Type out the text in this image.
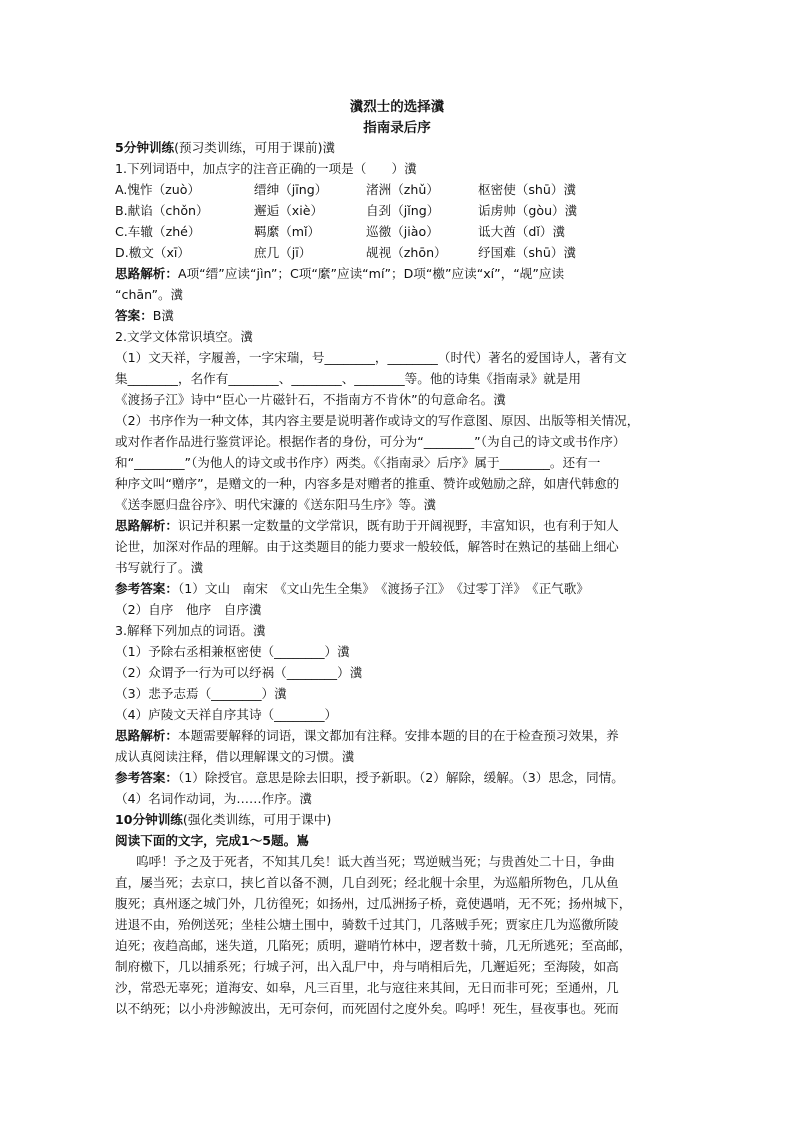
瀵烈士的选择瀵
指南录后序
5分钟训练(预习类训练，可用于课前)瀵
1.下列词语中，加点字的注音正确的一项是（　　）瀵
A.愧怍（zuò）	缙绅（jīng）	渚洲（zhǔ）	枢密使（shū）瀵
B.献谄（chǒn）	邂逅（xiè）	自刭（jǐng）	诟虏帅（gòu）瀵
C.车辙（zhé）	羁縻（mǐ）	巡徼（jiào）	诋大酋（dǐ）瀵
D.檄文（xī）	庶几（jī）	觇视（zhōn） 纾国难（shū）瀵
思路解析：A项“缙”应读“jìn”；C项“縻”应读“mí”；D项“檄”应读“xí”，“觇”应读
“chān”。瀵
答案：B瀵
2.文学文体常识填空。瀵
（1）文天祥，字履善，一字宋瑞，号________，________（时代）著名的爱国诗人，著有文
集________，名作有________、________、________等。他的诗集《指南录》就是用
《渡扬子江》诗中“臣心一片磁针石，不指南方不肯休”的句意命名。瀵
（2）书序作为一种文体，其内容主要是说明著作或诗文的写作意图、原因、出版等相关情况，
或对作者作品进行鉴赏评论。根据作者的身份，可分为“________”（为自己的诗文或书作序）
和“________”（为他人的诗文或书作序）两类。《〈指南录〉后序》属于________。还有一
种序文叫“赠序”，是赠文的一种，内容多是对赠者的推重、赞许或勉励之辞，如唐代韩愈的
《送李愿归盘谷序》、明代宋濂的《送东阳马生序》等。瀵
思路解析：识记并积累一定数量的文学常识，既有助于开阔视野，丰富知识，也有利于知人
论世，加深对作品的理解。由于这类题目的能力要求一般较低，解答时在熟记的基础上细心
书写就行了。瀵
参考答案：（1）文山　南宋　《文山先生全集》　《渡扬子江》　《过零丁洋》　《正气歌》
（2）自序　他序　自序瀵
3.解释下列加点的词语。瀵
（1）予除右丞相兼枢密使（________）瀵
（2）众谓予一行为可以纾祸（________）瀵
（3）悲予志焉（________）瀵
（4）庐陵文天祥自序其诗（________）
思路解析：本题需要解释的词语，课文都加有注释。安排本题的目的在于检查预习效果，养
成认真阅读注释，借以理解课文的习惯。瀵
参考答案：（1）除授官。意思是除去旧职，授予新职。（2）解除，缓解。（3）思念，同情。
（4）名词作动词，为……作序。瀵
10分钟训练(强化类训练，可用于课中)
阅读下面的文字，完成1～5题。嶌
呜呼！予之及于死者，不知其几矣！诋大酋当死；骂逆贼当死；与贵酋处二十日，争曲
直，屡当死；去京口，挟匕首以备不测，几自刭死；经北舰十余里，为巡船所物色，几从鱼
腹死；真州逐之城门外，几彷徨死；如扬州，过瓜洲扬子桥，竟使遇哨，无不死；扬州城下，
进退不由，殆例送死；坐桂公塘土围中，骑数千过其门，几落贼手死；贾家庄几为巡徼所陵
迫死；夜趋高邮，迷失道，几陷死；质明，避哨竹林中，逻者数十骑，几无所逃死；至高邮，
制府檄下，几以捕系死；行城子河，出入乱尸中，舟与哨相后先，几邂逅死；至海陵，如高
沙，常恐无辜死；道海安、如皋，凡三百里，北与寇往来其间，无日而非可死；至通州，几
以不纳死；以小舟涉鲸波出，无可奈何，而死固付之度外矣。呜呼！死生，昼夜事也。死而
